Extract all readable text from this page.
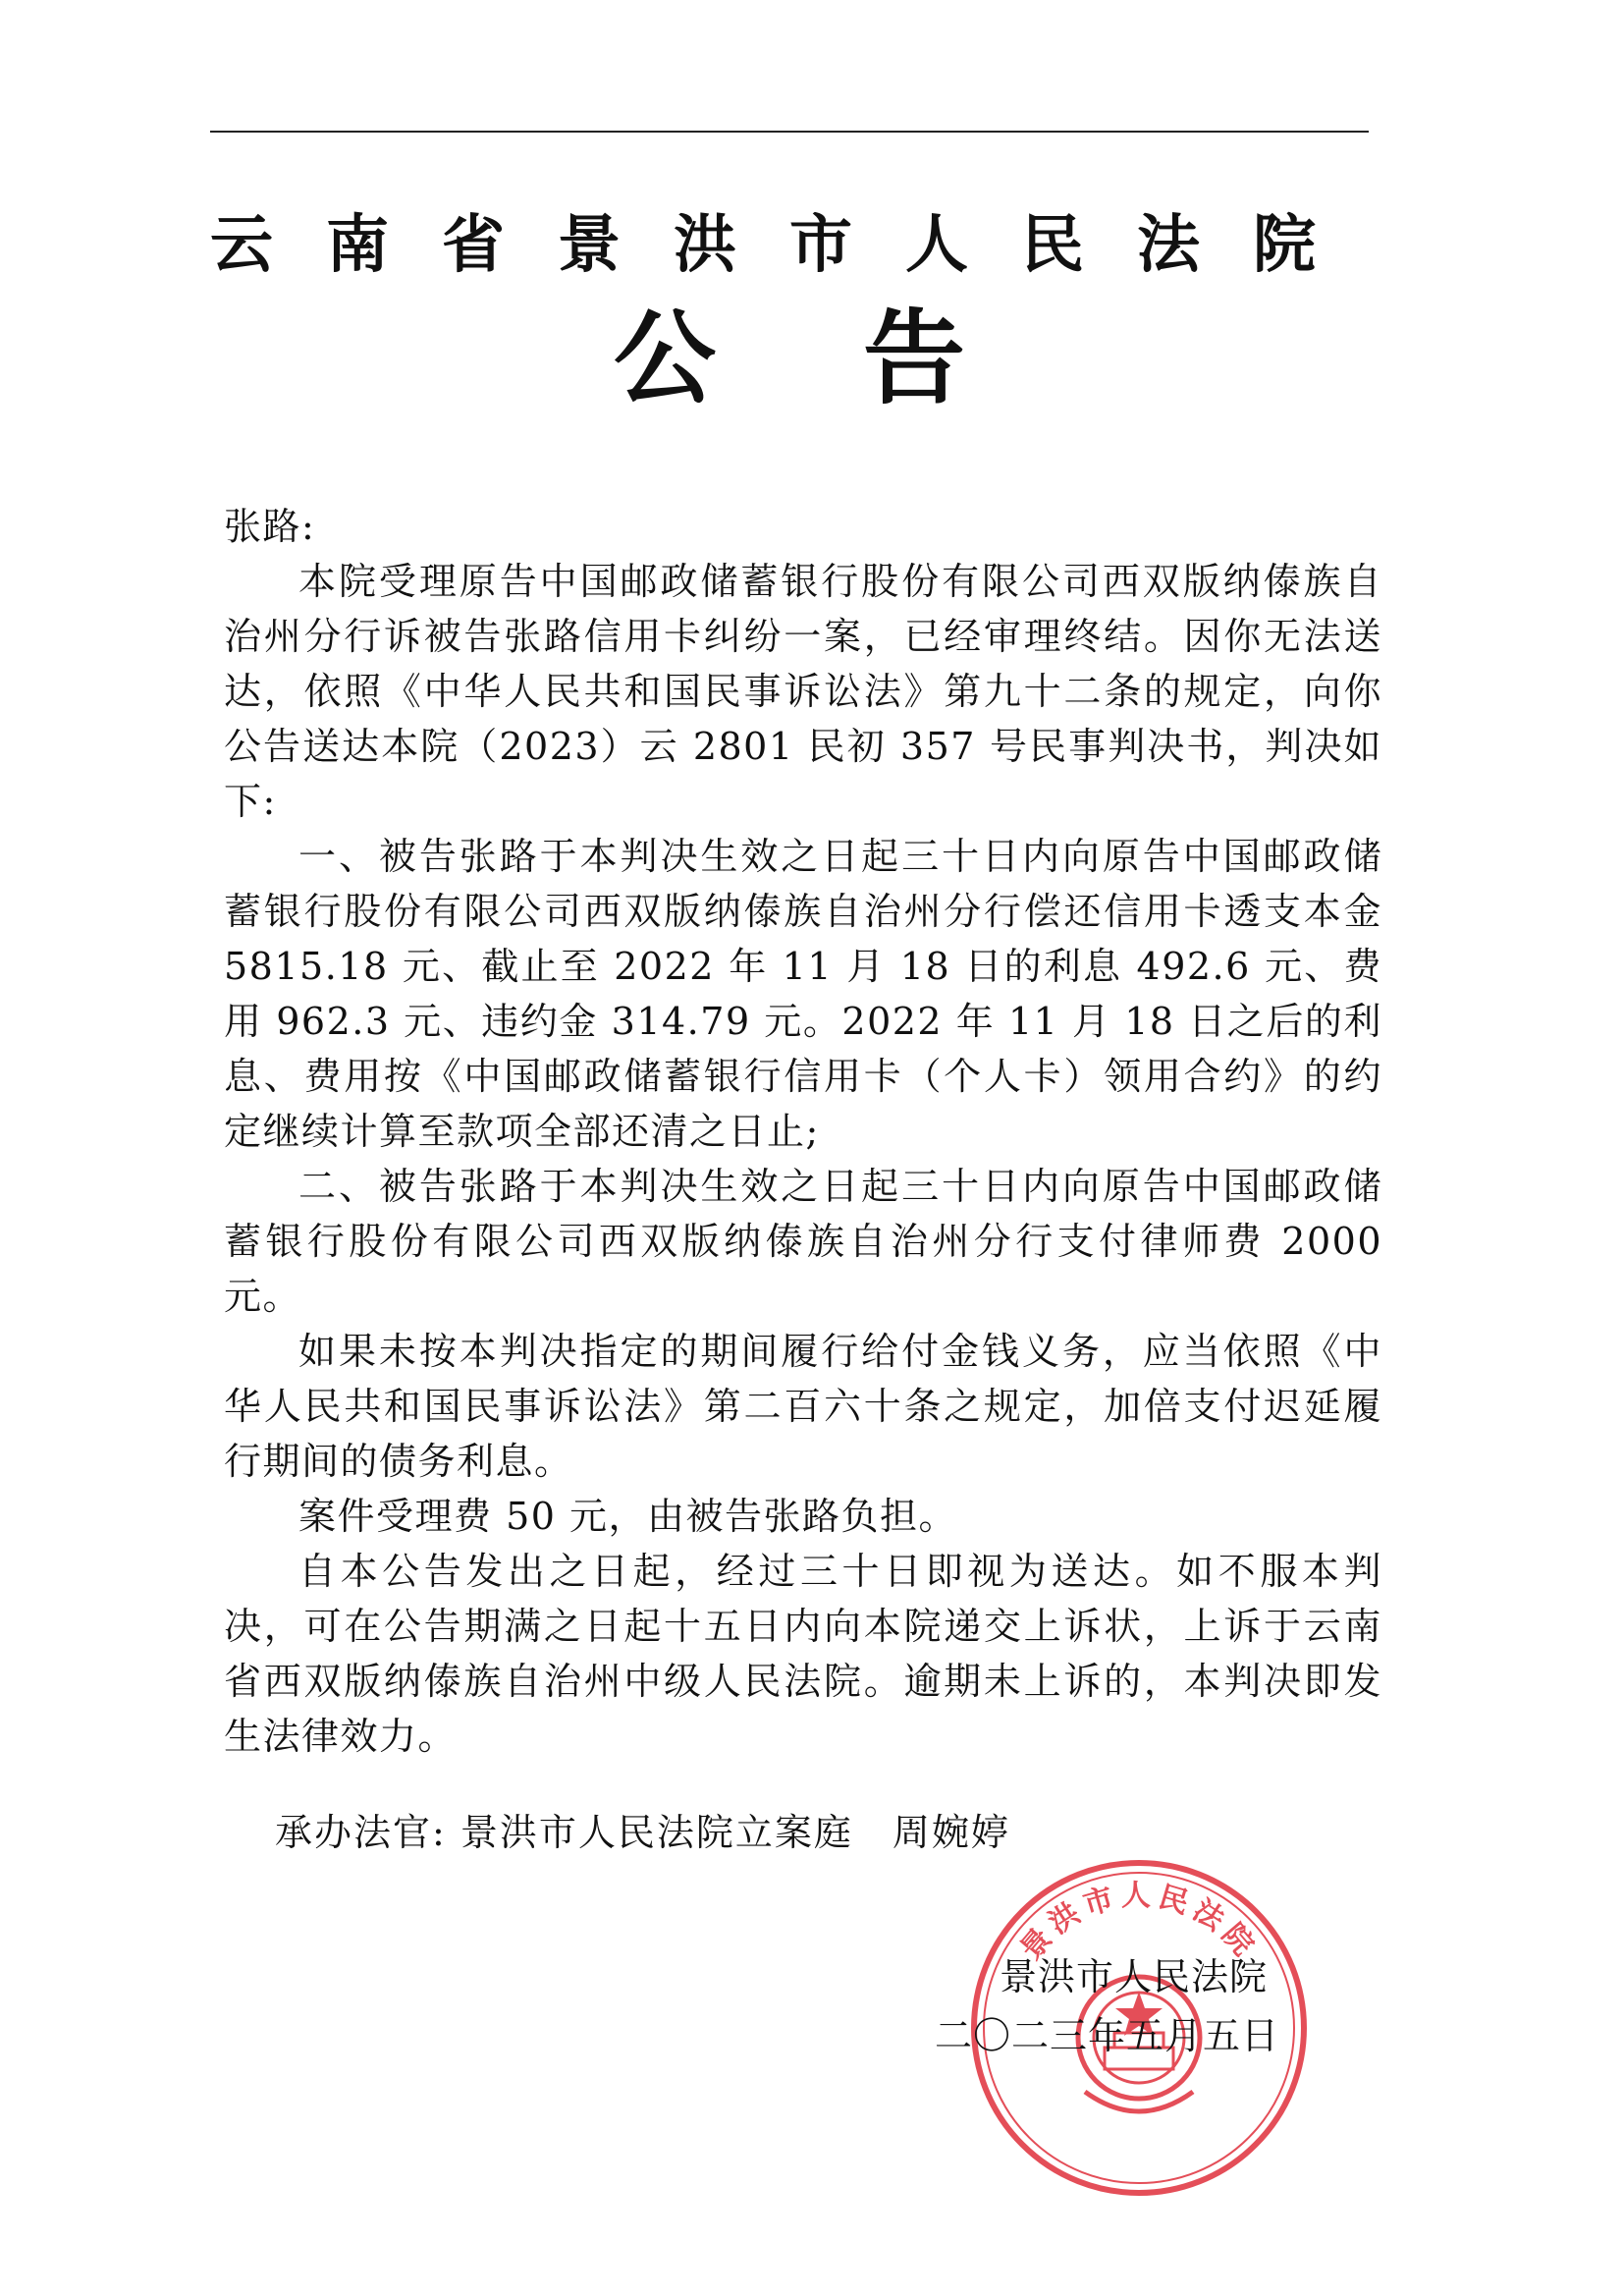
云南省景洪市人民法院
公告

张路:

本院受理原告中国邮政储蓄银行股份有限公司西双版纳傣族自治州分行诉被告张路信用卡纠纷一案，已经审理终结。因你无法送达，依照《中华人民共和国民事诉讼法》第九十二条的规定，向你公告送达本院（2023）云 2801 民初 357 号民事判决书，判决如下:

一、被告张路于本判决生效之日起三十日内向原告中国邮政储蓄银行股份有限公司西双版纳傣族自治州分行偿还信用卡透支本金 5815.18 元、截止至 2022 年 11 月 18 日的利息 492.6 元、费用 962.3 元、违约金 314.79 元。2022 年 11 月 18 日之后的利息、费用按《中国邮政储蓄银行信用卡（个人卡）领用合约》的约定继续计算至款项全部还清之日止;

二、被告张路于本判决生效之日起三十日内向原告中国邮政储蓄银行股份有限公司西双版纳傣族自治州分行支付律师费 2000 元。

如果未按本判决指定的期间履行给付金钱义务，应当依照《中华人民共和国民事诉讼法》第二百六十条之规定，加倍支付迟延履行期间的债务利息。

案件受理费 50 元，由被告张路负担。

自本公告发出之日起，经过三十日即视为送达。如不服本判决，可在公告期满之日起十五日内向本院递交上诉状，上诉于云南省西双版纳傣族自治州中级人民法院。逾期未上诉的，本判决即发生法律效力。

承办法官: 景洪市人民法院立案庭 周婉婷
景洪市人民法院
景洪市人民法院
二〇二三年五月五日
